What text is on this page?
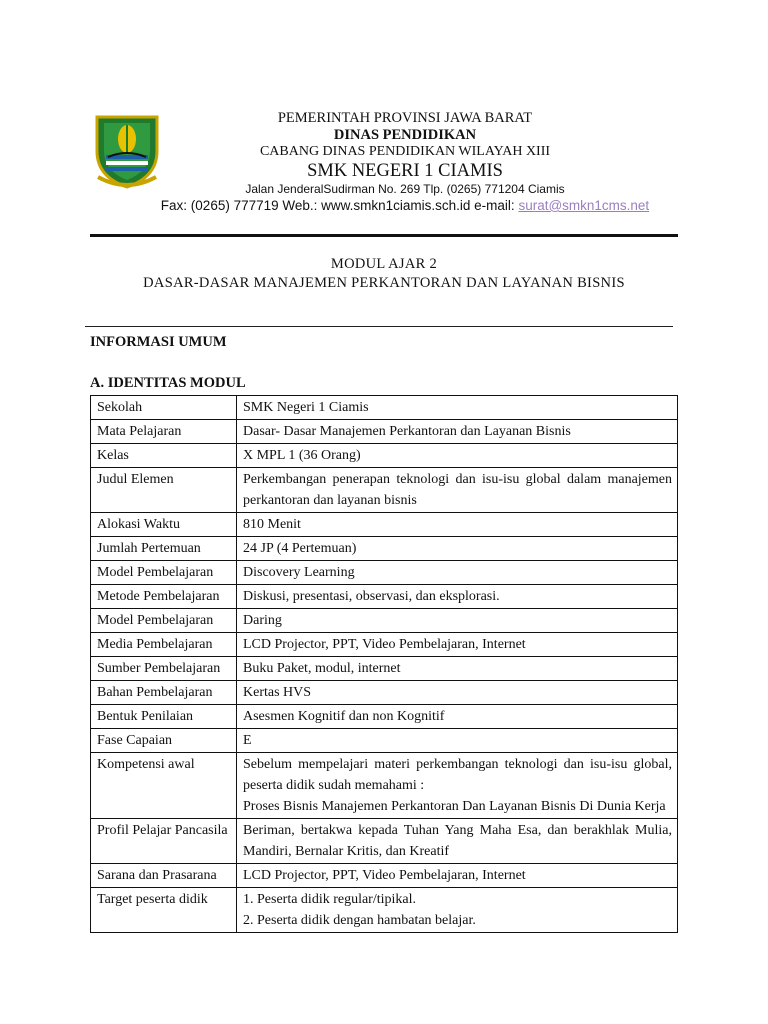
PEMERINTAH PROVINSI JAWA BARAT
DINAS PENDIDIKAN
CABANG DINAS PENDIDIKAN WILAYAH XIII
SMK NEGERI 1 CIAMIS
Jalan JenderalSudirman No. 269 Tlp. (0265) 771204 Ciamis
Fax: (0265) 777719 Web.: www.smkn1ciamis.sch.id e-mail: surat@smkn1cms.net
MODUL AJAR 2
DASAR-DASAR MANAJEMEN PERKANTORAN DAN LAYANAN BISNIS
INFORMASI UMUM
A. IDENTITAS MODUL
Sekolah	SMK Negeri 1 Ciamis
Mata Pelajaran	Dasar- Dasar Manajemen Perkantoran dan Layanan Bisnis
Kelas	X MPL 1 (36 Orang)
Judul Elemen	Perkembangan penerapan teknologi dan isu-isu global dalam manajemen perkantoran dan layanan bisnis
Alokasi Waktu	810 Menit
Jumlah Pertemuan	24 JP (4 Pertemuan)
Model Pembelajaran	Discovery Learning
Metode Pembelajaran	Diskusi, presentasi, observasi, dan eksplorasi.
Model Pembelajaran	Daring
Media Pembelajaran	LCD Projector, PPT, Video Pembelajaran, Internet
Sumber Pembelajaran	Buku Paket, modul, internet
Bahan Pembelajaran	Kertas HVS
Bentuk Penilaian	Asesmen Kognitif dan non Kognitif
Fase Capaian	E
Kompetensi awal	Sebelum mempelajari materi perkembangan teknologi dan isu-isu global, peserta didik sudah memahami :
Proses Bisnis Manajemen Perkantoran Dan Layanan Bisnis Di Dunia Kerja

Profil Pelajar Pancasila	Beriman, bertakwa kepada Tuhan Yang Maha Esa, dan berakhlak Mulia, Mandiri, Bernalar Kritis, dan Kreatif
Sarana dan Prasarana	LCD Projector, PPT, Video Pembelajaran, Internet
Target peserta didik	1. Peserta didik regular/tipikal.
2. Peserta didik dengan hambatan belajar.
